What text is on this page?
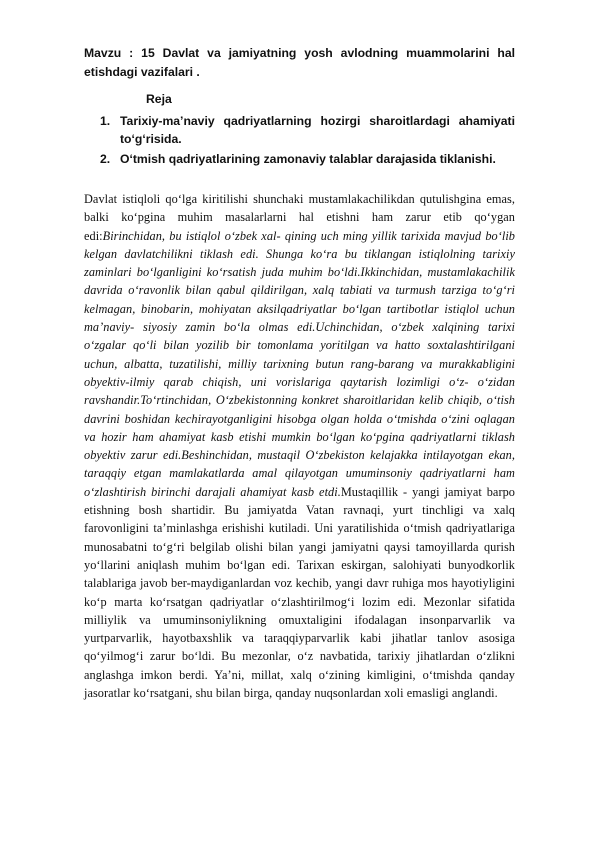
Mavzu : 15 Davlat va jamiyatning yosh avlodning muammolarini hal etishdagi vazifalari .

Reja
1. Tarixiy-ma’naviy qadriyatlarning hozirgi sharoitlardagi ahamiyati to‘g‘risida.
2. O‘tmish qadriyatlarining zamonaviy talablar darajasida tiklanishi.

Davlat istiqloli qo‘lga kiritilishi shunchaki mustamlakachilikdan qutulishgina emas, balki ko‘pgina muhim masalarlarni hal etishni ham zarur etib qo‘ygan edi:Birinchidan, bu istiqlol o‘zbek xal- qining uch ming yillik tarixida mavjud bo‘lib kelgan davlatchilikni tiklash edi. Shunga ko‘ra bu tiklangan istiqlolning tarixiy zaminlari bo‘lganligini ko‘rsatish juda muhim bo‘ldi.Ikkinchidan, mustamlakachilik davrida o‘ravonlik bilan qabul qildirilgan, xalq tabiati va turmush tarziga to‘g‘ri kelmagan, binobarin, mohiyatan aksilqadriyatlar bo‘lgan tartibotlar istiqlol uchun ma’naviy- siyosiy zamin bo‘la olmas edi.Uchinchidan, o‘zbek xalqining tarixi o‘zgalar qo‘li bilan yozilib bir tomonlama yoritilgan va hatto soxtalashtirilgani uchun, albatta, tuzatilishi, milliy tarixning butun rang-barang va murakkabligini obyektiv-ilmiy qarab chiqish, uni vorislariga qaytarish lozimligi o‘z- o‘zidan ravshandir.To‘rtinchidan, O‘zbekistonning konkret sharoitlaridan kelib chiqib, o‘tish davrini boshidan kechirayotganligini hisobga olgan holda o‘tmishda o‘zini oqlagan va hozir ham ahamiyat kasb etishi mumkin bo‘lgan ko‘pgina qadriyatlarni tiklash obyektiv zarur edi.Beshinchidan, mustaqil O‘zbekiston kelajakka intilayotgan ekan, taraqqiy etgan mamlakatlarda amal qilayotgan umuminsoniy qadriyatlarni ham o‘zlashtirish birinchi darajali ahamiyat kasb etdi.Mustaqillik - yangi jamiyat barpo etishning bosh shartidir. Bu jamiyatda Vatan ravnaqi, yurt tinchligi va xalq farovonligini ta’minlashga erishishi kutiladi. Uni yaratilishida o‘tmish qadriyatlariga munosabatni to‘g‘ri belgilab olishi bilan yangi jamiyatni qaysi tamoyillarda qurish yo‘llarini aniqlash muhim bo‘lgan edi. Tarixan eskirgan, salohiyati bunyodkorlik talablariga javob ber-maydiganlardan voz kechib, yangi davr ruhiga mos hayotiyligini ko‘p marta ko‘rsatgan qadriyatlar o‘zlashtirilmog‘i lozim edi. Mezonlar sifatida milliylik va umuminsoniylikning omuxtaligini ifodalagan insonparvarlik va yurtparvarlik, hayotbaxshlik va taraqqiyparvarlik kabi jihatlar tanlov asosiga qo‘yilmog‘i zarur bo‘ldi. Bu mezonlar, o‘z navbatida, tarixiy jihatlardan o‘zlikni anglashga imkon berdi. Ya’ni, millat, xalq o‘zining kimligini, o‘tmishda qanday jasoratlar ko‘rsatgani, shu bilan birga, qanday nuqsonlardan xoli emasligi anglandi.
